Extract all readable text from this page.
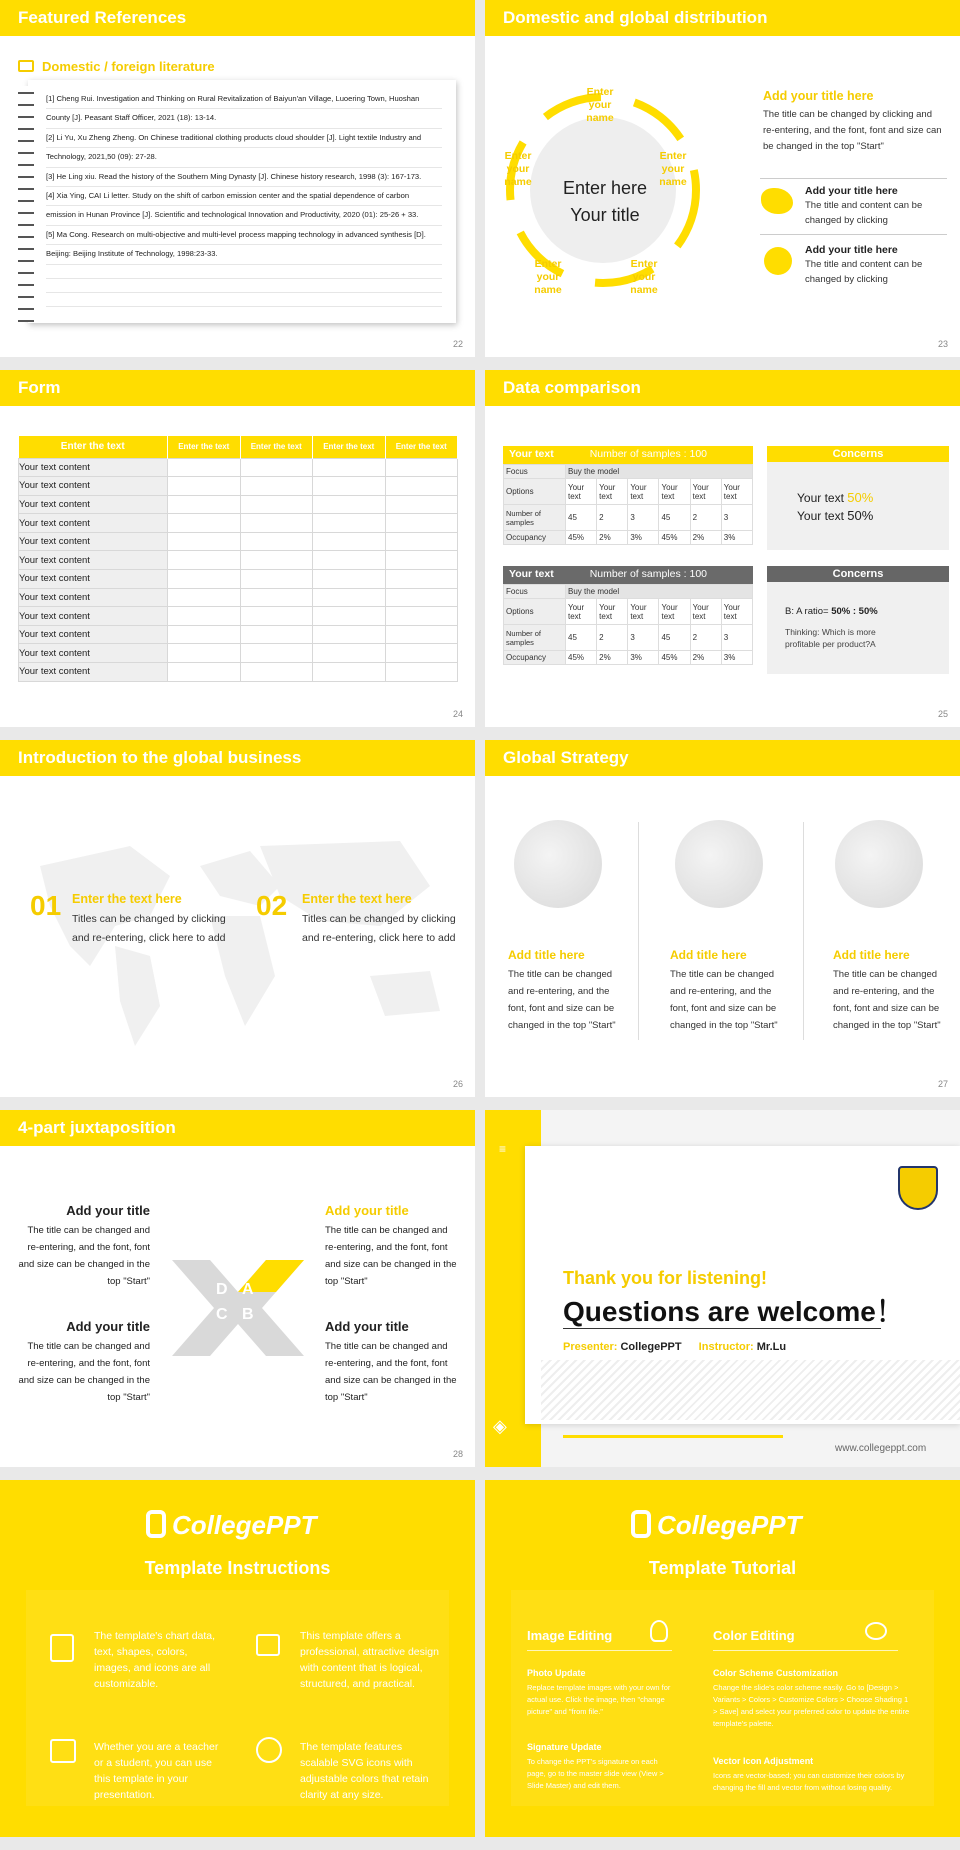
Featured References
Domestic / foreign literature
[1] Cheng Rui. Investigation and Thinking on Rural Revitalization of Baiyun'an Village, Luoering Town, Huoshan
County [J]. Peasant Staff Officer, 2021 (18): 13-14.
[2] Li Yu, Xu Zheng Zheng. On Chinese traditional clothing products cloud shoulder [J]. Light textile Industry and
Technology, 2021,50 (09): 27-28.
[3] He Ling xiu. Read the history of the Southern Ming Dynasty [J]. Chinese history research, 1998 (3): 167-173.
[4] Xia Ying, CAI Li letter. Study on the shift of carbon emission center and the spatial dependence of carbon
emission in Hunan Province [J]. Scientific and technological Innovation and Productivity, 2020 (01): 25-26 + 33.
[5] Ma Cong. Research on multi-objective and multi-level process mapping technology in advanced synthesis [D].
Beijing: Beijing Institute of Technology, 1998:23-33.
22
Domestic and global distribution
Enter here
Your title
Enter your name
Enter your name
Enter your name
Enter your name
Enter your name
Add your title here
The title can be changed by clicking and re-entering, and the font, font and size can be changed in the top "Start"
Add your title here
The title and content can be changed by clicking
Add your title here
The title and content can be changed by clicking
23
Form
Enter the text	Enter the text	Enter the text	Enter the text	Enter the text
Your text content				
Your text content				
Your text content				
Your text content				
Your text content				
Your text content				
Your text content				
Your text content				
Your text content				
Your text content				
Your text content				
Your text content				
24
Data comparison
Your text	Number of samples : 100
Focus	Buy the model					
Options	Your text	Your text	Your text	Your text	Your text	Your text
Number of samples	45	2	3	45	2	3
Occupancy	45%	2%	3%	45%	2%	3%
Your text	Number of samples : 100
Focus	Buy the model					
Options	Your text	Your text	Your text	Your text	Your text	Your text
Number of samples	45	2	3	45	2	3
Occupancy	45%	2%	3%	45%	2%	3%
Concerns
Your text 50%
Your text 50%
Concerns
B: A ratio= 50% : 50%
Thinking: Which is more profitable per product?A
25
Introduction to the global business
01 Enter the text here
Titles can be changed by clicking and re-entering, click here to add
02 Enter the text here
Titles can be changed by clicking and re-entering, click here to add
26
Global Strategy
Add title here
The title can be changed and re-entering, and the font, font and size can be changed in the top "Start"
Add title here
The title can be changed and re-entering, and the font, font and size can be changed in the top "Start"
Add title here
The title can be changed and re-entering, and the font, font and size can be changed in the top "Start"
27
4-part juxtaposition
Add your title
The title can be changed and re-entering, and the font, font and size can be changed in the top "Start"
Add your title
The title can be changed and re-entering, and the font, font and size can be changed in the top "Start"
Add your title
The title can be changed and re-entering, and the font, font and size can be changed in the top "Start"
Add your title
The title can be changed and re-entering, and the font, font and size can be changed in the top "Start"
D A
C B
28
≡
◈
Thank you for listening!
Questions are welcome！
Presenter: CollegePPT Instructor: Mr.Lu
www.collegeppt.com
CollegePPT
Template Instructions
The template's chart data, text, shapes, colors, images, and icons are all customizable.
This template offers a professional, attractive design with content that is logical, structured, and practical.
Whether you are a teacher or a student, you can use this template in your presentation.
The template features scalable SVG icons with adjustable colors that retain clarity at any size.
CollegePPT
Template Tutorial
Image Editing	Color Editing
Photo Update
Replace template images with your own for actual use. Click the image, then "change picture" and "from file."
Signature Update
To change the PPT's signature on each page, go to the master slide view (View > Slide Master) and edit them.
Color Scheme Customization
Change the slide's color scheme easily. Go to [Design > Variants > Colors > Customize Colors > Choose Shading 1 > Save] and select your preferred color to update the entire template's palette.
Vector Icon Adjustment
Icons are vector-based; you can customize their colors by changing the fill and vector from without losing quality.
